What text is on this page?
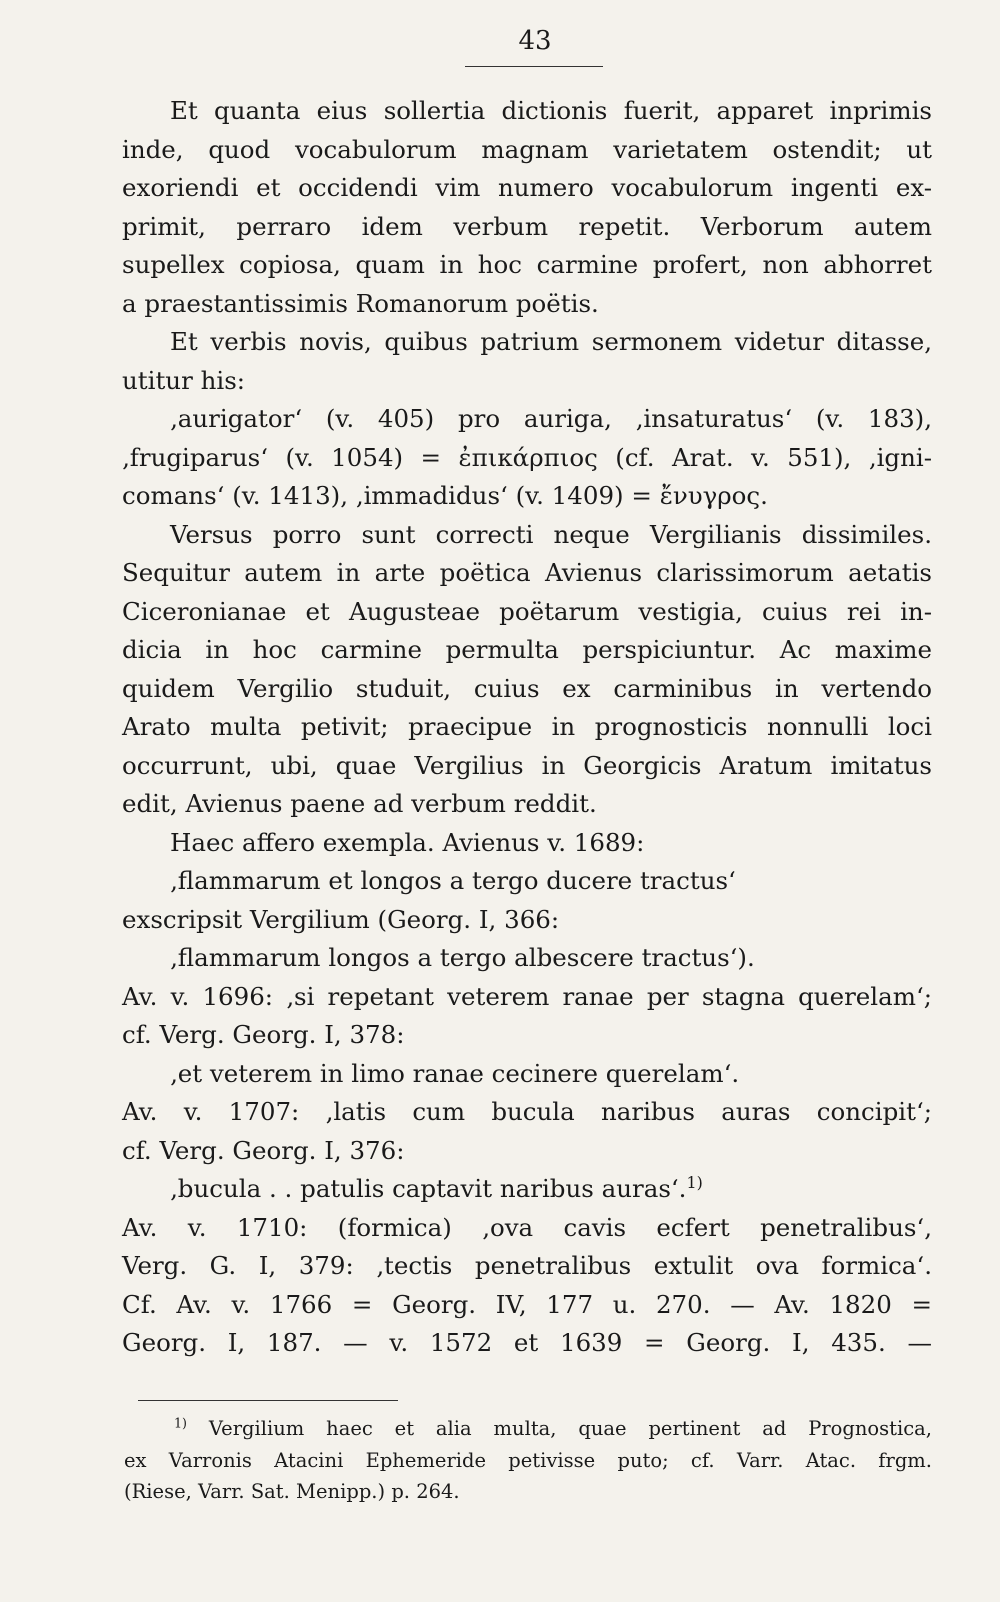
43
Et quanta eius sollertia dictionis fuerit, apparet inprimis
inde, quod vocabulorum magnam varietatem ostendit; ut
exoriendi et occidendi vim numero vocabulorum ingenti ex-
primit, perraro idem verbum repetit. Verborum autem
supellex copiosa, quam in hoc carmine profert, non abhorret
a praestantissimis Romanorum poëtis.
Et verbis novis, quibus patrium sermonem videtur ditasse,
utitur his:
‚aurigator‘ (v. 405) pro auriga, ‚insaturatus‘ (v. 183),
‚frugiparus‘ (v. 1054) = ἐπικάρπιος (cf. Arat. v. 551), ‚igni-
comans‘ (v. 1413), ‚immadidus‘ (v. 1409) = ἔνυγρος.
Versus porro sunt correcti neque Vergilianis dissimiles.
Sequitur autem in arte poëtica Avienus clarissimorum aetatis
Ciceronianae et Augusteae poëtarum vestigia, cuius rei in-
dicia in hoc carmine permulta perspiciuntur. Ac maxime
quidem Vergilio studuit, cuius ex carminibus in vertendo
Arato multa petivit; praecipue in prognosticis nonnulli loci
occurrunt, ubi, quae Vergilius in Georgicis Aratum imitatus
edit, Avienus paene ad verbum reddit.
Haec affero exempla. Avienus v. 1689:
‚flammarum et longos a tergo ducere tractus‘
exscripsit Vergilium (Georg. I, 366:
‚flammarum longos a tergo albescere tractus‘).
Av. v. 1696: ‚si repetant veterem ranae per stagna querelam‘;
cf. Verg. Georg. I, 378:
‚et veterem in limo ranae cecinere querelam‘.
Av. v. 1707: ‚latis cum bucula naribus auras concipit‘;
cf. Verg. Georg. I, 376:
‚bucula . . patulis captavit naribus auras‘.$^{1)}$
Av. v. 1710: (formica) ‚ova cavis ecfert penetralibus‘,
Verg. G. I, 379: ‚tectis penetralibus extulit ova formica‘.
Cf. Av. v. 1766 = Georg. IV, 177 u. 270. — Av. 1820 =
Georg. I, 187. — v. 1572 et 1639 = Georg. I, 435. —
$^{1)}$ Vergilium haec et alia multa, quae pertinent ad Prognostica,
ex Varronis Atacini Ephemeride petivisse puto; cf. Varr. Atac. frgm.
(Riese, Varr. Sat. Menipp.) p. 264.
